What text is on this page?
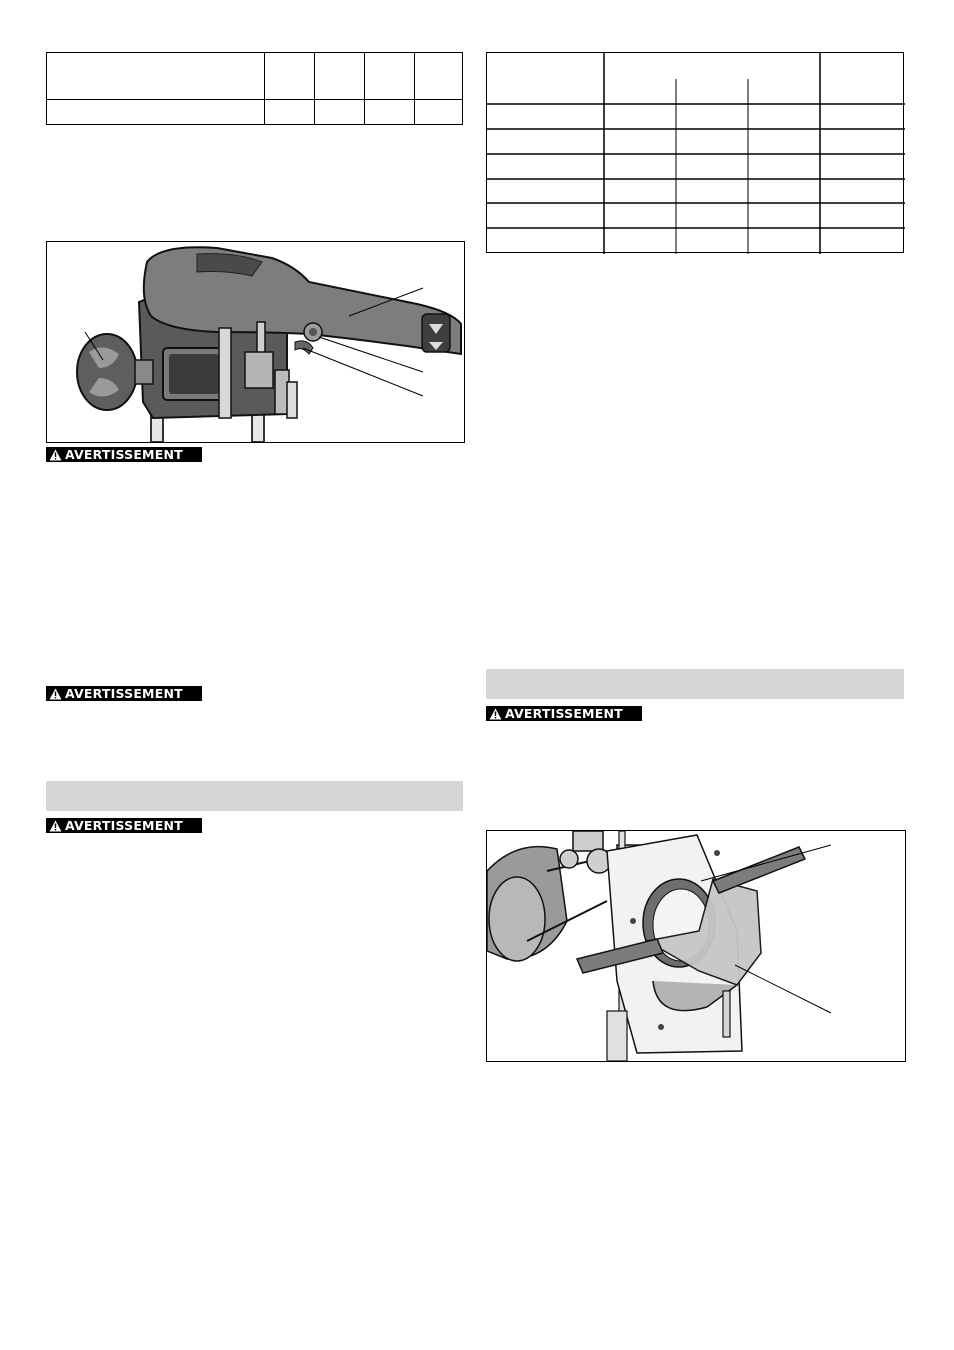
AVERTISSEMENT
AVERTISSEMENT
AVERTISSEMENT
AVERTISSEMENT
